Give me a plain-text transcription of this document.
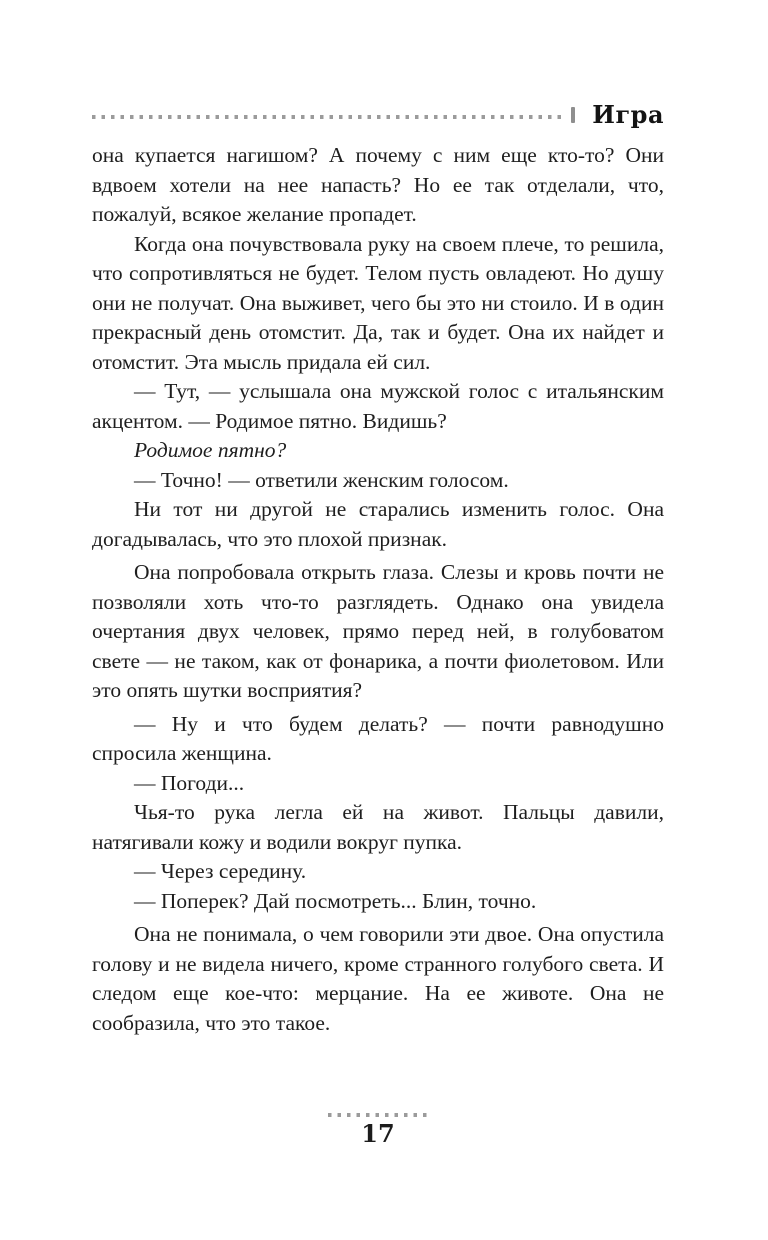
Игра

она купается нагишом? А почему с ним еще кто-то? Они вдвоем хотели на нее напасть? Но ее так отделали, что, пожалуй, всякое желание пропадет.

Когда она почувствовала руку на своем плече, то решила, что сопротивляться не будет. Телом пусть овладеют. Но душу они не получат. Она выживет, чего бы это ни стоило. И в один прекрасный день отомстит. Да, так и будет. Она их найдет и отомстит. Эта мысль придала ей сил.

— Тут, — услышала она мужской голос с итальянским акцентом. — Родимое пятно. Видишь?

Родимое пятно?

— Точно! — ответили женским голосом.

Ни тот ни другой не старались изменить голос. Она догадывалась, что это плохой признак.

Она попробовала открыть глаза. Слезы и кровь почти не позволяли хоть что-то разглядеть. Однако она увидела очертания двух человек, прямо перед ней, в голубоватом свете — не таком, как от фонарика, а почти фиолетовом. Или это опять шутки восприятия?

— Ну и что будем делать? — почти равнодушно спросила женщина.

— Погоди...

Чья-то рука легла ей на живот. Пальцы давили, натягивали кожу и водили вокруг пупка.

— Через середину.

— Поперек? Дай посмотреть... Блин, точно.

Она не понимала, о чем говорили эти двое. Она опустила голову и не видела ничего, кроме странного голубого света. И следом еще кое-что: мерцание. На ее животе. Она не сообразила, что это такое.

17
